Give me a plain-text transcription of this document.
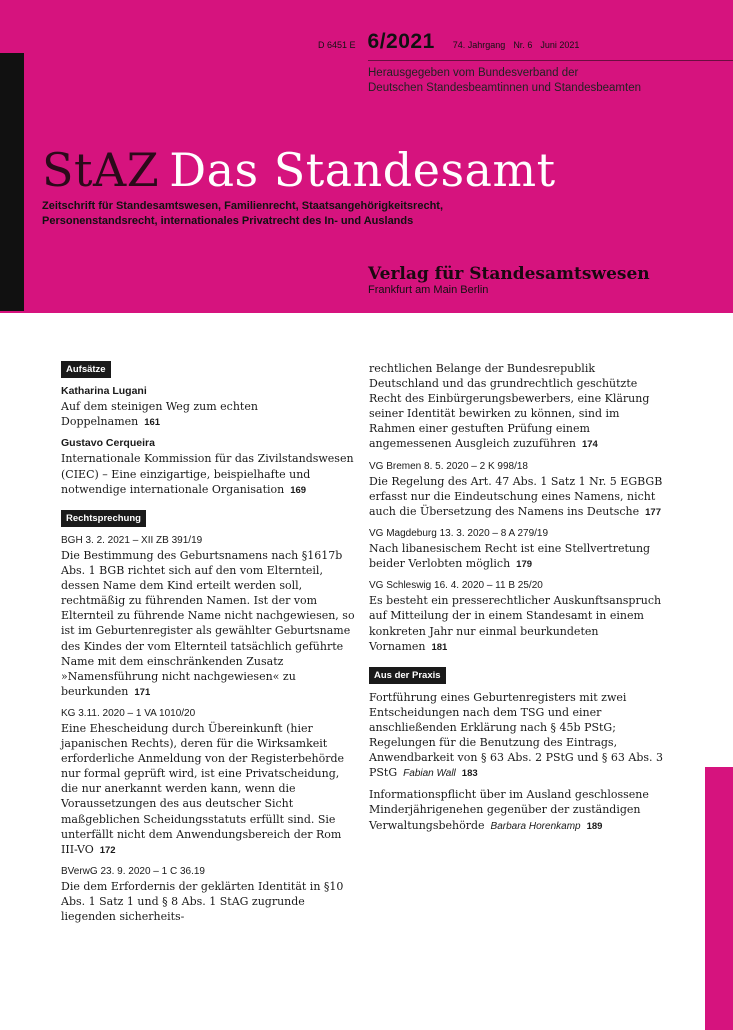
D 6451 E 6/2021 74. Jahrgang Nr. 6 Juni 2021
Herausgegeben vom Bundesverband der
Deutschen Standesbeamtinnen und Standesbeamten
StAZ Das Standesamt
Zeitschrift für Standesamtswesen, Familienrecht, Staatsangehörigkeitsrecht,
Personenstandsrecht, internationales Privatrecht des In- und Auslands
Verlag für Standesamtswesen
Frankfurt am Main Berlin
Aufsätze
Katharina Lugani
Auf dem steinigen Weg zum echten Doppelnamen 161
Gustavo Cerqueira
Internationale Kommission für das Zivilstandswesen (CIEC) – Eine einzigartige, beispielhafte und notwendige internationale Organisation 169
Rechtsprechung
BGH 3. 2. 2021 – XII ZB 391/19
Die Bestimmung des Geburtsnamens nach §1617b Abs. 1 BGB richtet sich auf den vom Elternteil, dessen Name dem Kind erteilt werden soll, rechtmäßig zu führenden Namen. Ist der vom Elternteil zu führende Name nicht nachgewiesen, so ist im Geburtenregister als gewählter Geburtsname des Kindes der vom Elternteil tatsächlich geführte Name mit dem einschränkenden Zusatz »Namensführung nicht nachgewiesen« zu beurkunden 171
KG 3.11. 2020 – 1 VA 1010/20
Eine Ehescheidung durch Übereinkunft (hier japanischen Rechts), deren für die Wirksamkeit erforderliche Anmeldung von der Registerbehörde nur formal geprüft wird, ist eine Privatscheidung, die nur anerkannt werden kann, wenn die Voraussetzungen des aus deutscher Sicht maßgeblichen Scheidungsstatuts erfüllt sind. Sie unterfällt nicht dem Anwendungsbereich der Rom III-VO 172
BVerwG 23. 9. 2020 – 1 C 36.19
Die dem Erfordernis der geklärten Identität in §10 Abs. 1 Satz 1 und § 8 Abs. 1 StAG zugrunde liegenden sicherheits-
rechtlichen Belange der Bundesrepublik Deutschland und das grundrechtlich geschützte Recht des Einbürgerungsbewerbers, eine Klärung seiner Identität bewirken zu können, sind im Rahmen einer gestuften Prüfung einem angemessenen Ausgleich zuzuführen 174
VG Bremen 8. 5. 2020 – 2 K 998/18
Die Regelung des Art. 47 Abs. 1 Satz 1 Nr. 5 EGBGB erfasst nur die Eindeutschung eines Namens, nicht auch die Übersetzung des Namens ins Deutsche 177
VG Magdeburg 13. 3. 2020 – 8 A 279/19
Nach libanesischem Recht ist eine Stellvertretung beider Verlobten möglich 179
VG Schleswig 16. 4. 2020 – 11 B 25/20
Es besteht ein presserechtlicher Auskunftsanspruch auf Mitteilung der in einem Standesamt in einem konkreten Jahr nur einmal beurkundeten Vornamen 181
Aus der Praxis
Fortführung eines Geburtenregisters mit zwei Entscheidungen nach dem TSG und einer anschließenden Erklärung nach § 45b PStG; Regelungen für die Benutzung des Eintrags, Anwendbarkeit von § 63 Abs. 2 PStG und § 63 Abs. 3 PStG Fabian Wall 183
Informationspflicht über im Ausland geschlossene Minderjährigenehen gegenüber der zuständigen Verwaltungsbehörde Barbara Horenkamp 189
